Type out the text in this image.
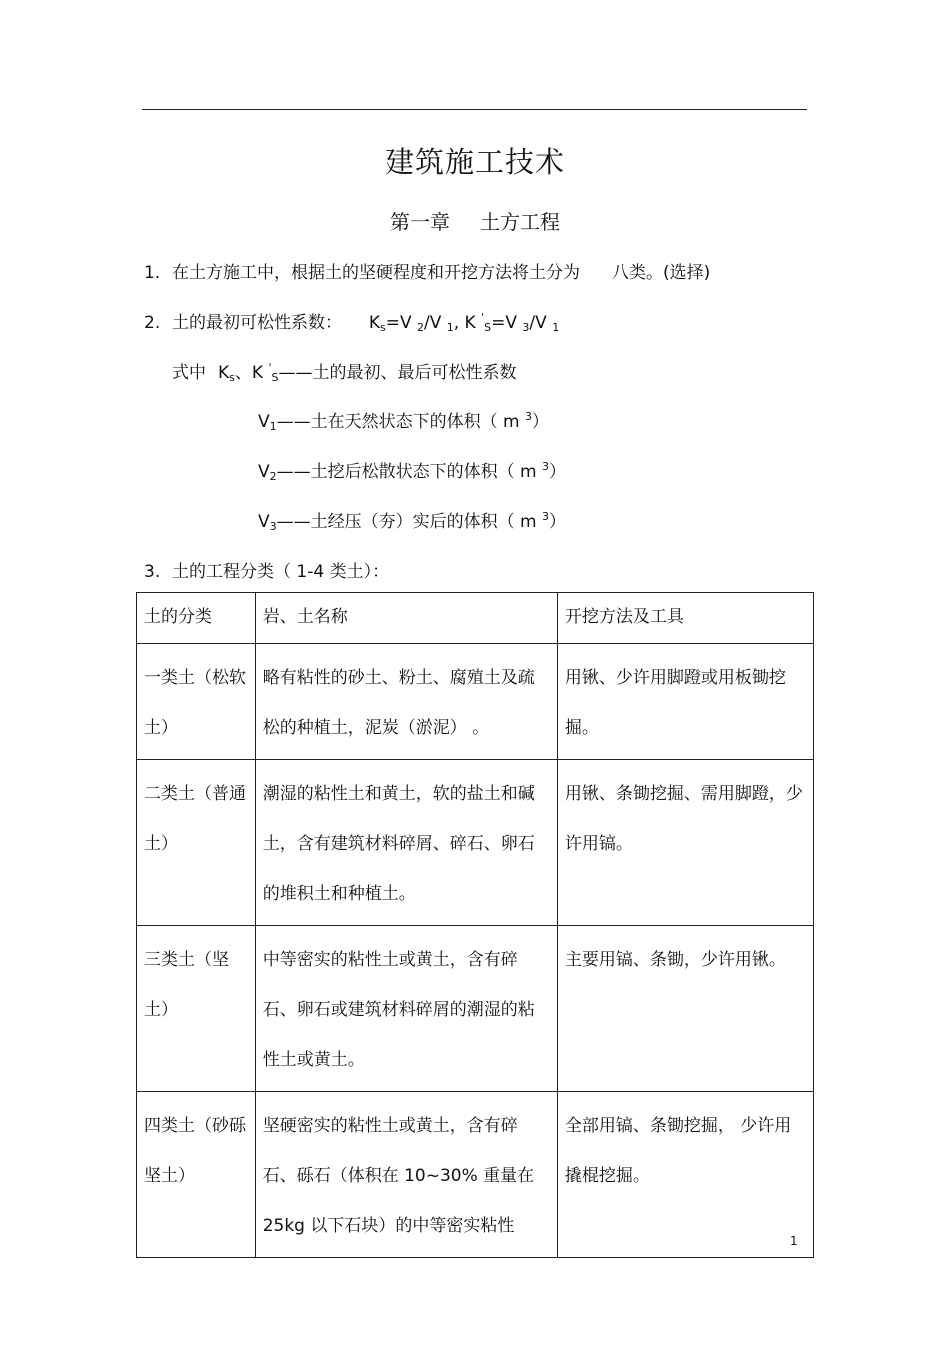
建筑施工技术
第一章 土方工程
1. 在土方施工中，根据土的坚硬程度和开挖方法将土分为 八类。(选择)
2. 土的最初可松性系数： $K_s=V$ $_2$/V $_1$, K '$_S$=V $_3$/V $_1$
式中 $K_s$、K '$_S$——土的最初、最后可松性系数
$V_1——$土在天然状态下的体积（ m $^3$）
$V_2——$土挖后松散状态下的体积（ m $^3$）
$V_3——$土经压（夯）实后的体积（ m $^3$）
3. 土的工程分类（ 1-4 类土）：
土的分类	岩、土名称	开挖方法及工具
一类土（松软土）	略有粘性的砂土、粉土、腐殖土及疏松的种植土，泥炭（淤泥） 。	用锹、少许用脚蹬或用板锄挖掘。
二类土（普通土）	潮湿的粘性土和黄土，软的盐土和碱土，含有建筑材料碎屑、碎石、卵石的堆积土和种植土。	用锹、条锄挖掘、需用脚蹬，少许用镐。
三类土（坚土）	中等密实的粘性土或黄土，含有碎石、卵石或建筑材料碎屑的潮湿的粘性土或黄土。	主要用镐、条锄，少许用锹。
四类土（砂砾坚土）	坚硬密实的粘性土或黄土，含有碎石、砾石（体积在 10~30% 重量在 25kg 以下石块）的中等密实粘性	全部用镐、条锄挖掘， 少许用撬棍挖掘。
1
